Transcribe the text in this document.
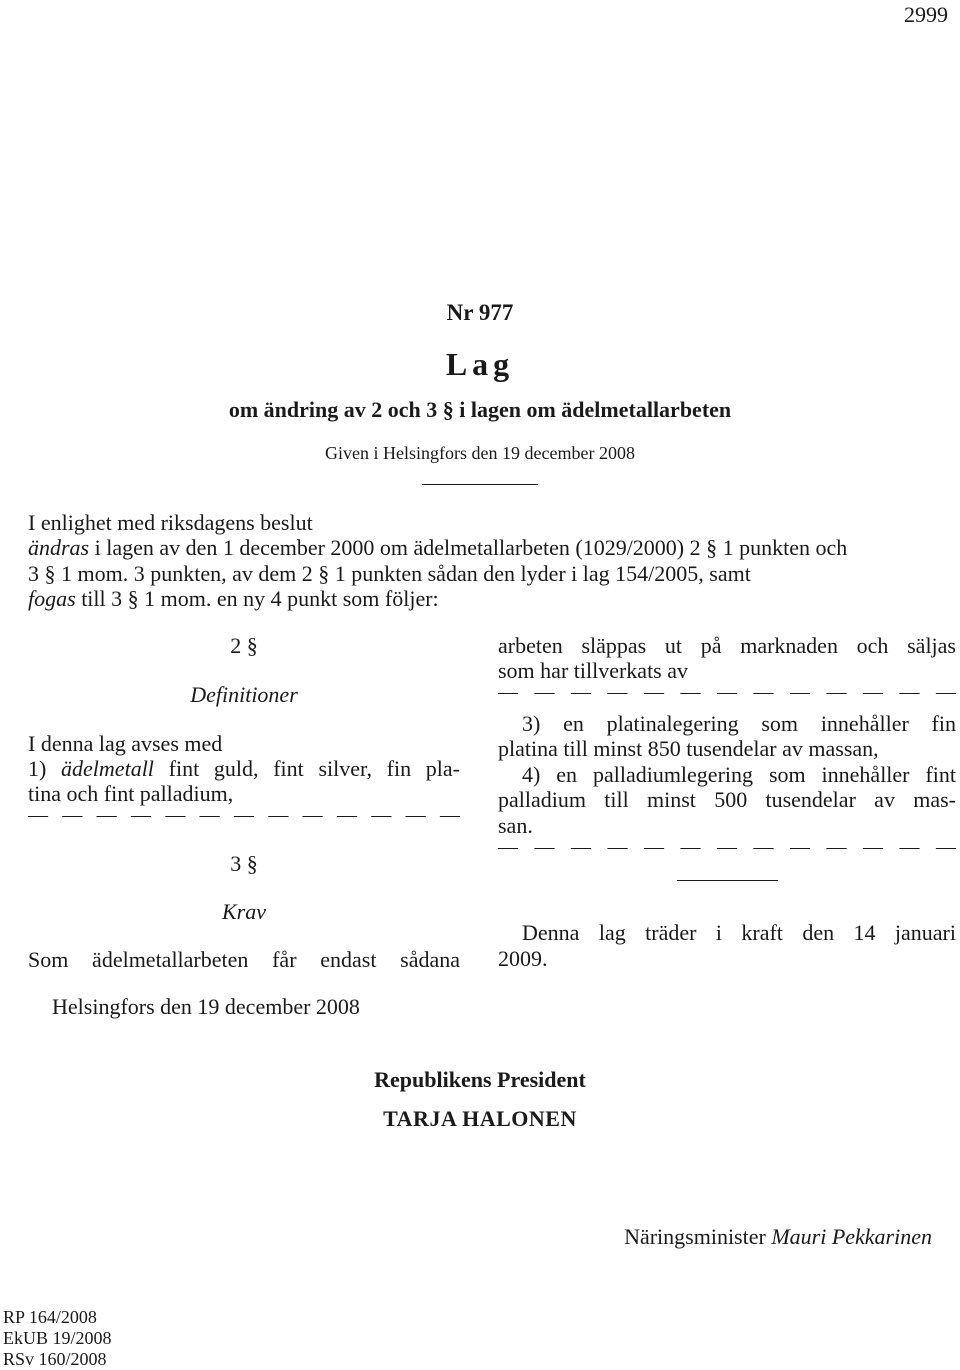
2999
Nr 977
Lag
om ändring av 2 och 3 § i lagen om ädelmetallarbeten
Given i Helsingfors den 19 december 2008
I enlighet med riksdagens beslut
ändras i lagen av den 1 december 2000 om ädelmetallarbeten (1029/2000) 2 § 1 punkten och
3 § 1 mom. 3 punkten, av dem 2 § 1 punkten sådan den lyder i lag 154/2005, samt
fogas till 3 § 1 mom. en ny 4 punkt som följer:
2 §
Definitioner
I denna lag avses med
1) ädelmetall fint guld, fint silver, fin pla-
tina och fint palladium,
— — — — — — — — — — — — —
3 §
Krav
Som ädelmetallarbeten får endast sådana
arbeten släppas ut på marknaden och säljas
som har tillverkats av
— — — — — — — — — — — — —
3) en platinalegering som innehåller fin
platina till minst 850 tusendelar av massan,
4) en palladiumlegering som innehåller fint
palladium till minst 500 tusendelar av mas-
san.
— — — — — — — — — — — — —
Denna lag träder i kraft den 14 januari
2009.
Helsingfors den 19 december 2008
Republikens President
TARJA HALONEN
Näringsminister Mauri Pekkarinen
RP 164/2008
EkUB 19/2008
RSv 160/2008
